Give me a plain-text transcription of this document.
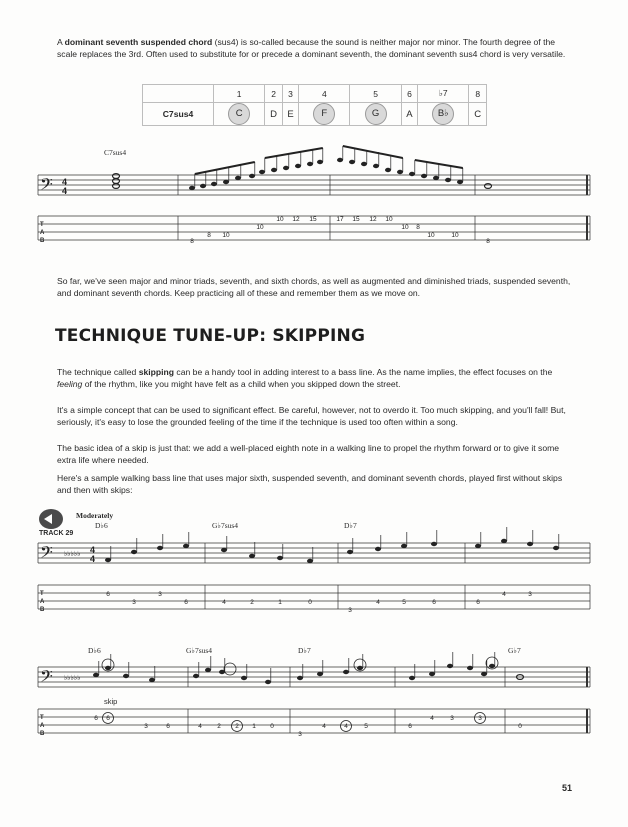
A dominant seventh suspended chord (sus4) is so-called because the sound is neither major nor minor. The fourth degree of the scale replaces the 3rd. Often used to substitute for or precede a dominant seventh, the dominant seventh sus4 chord is very versatile.

	1	2	3	4	5	6	♭7	8
C7sus4	C	D	E	F	G	A	B♭	C
C7sus4

So far, we've seen major and minor triads, seventh, and sixth chords, as well as augmented and diminished triads, suspended seventh, and dominant seventh chords. Keep practicing all of these and remember them as we move on.

TECHNIQUE TUNE-UP: SKIPPING

The technique called skipping can be a handy tool in adding interest to a bass line. As the name implies, the effect focuses on the feeling of the rhythm, like you might have felt as a child when you skipped down the street.

It's a simple concept that can be used to significant effect. Be careful, however, not to overdo it. Too much skipping, and you'll fall! But, seriously, it's easy to lose the grounded feeling of the time if the technique is used too often within a song.

The basic idea of a skip is just that: we add a well-placed eighth note in a walking line to propel the rhythm forward or to give it some extra life where needed.

Here's a sample walking bass line that uses major sixth, suspended seventh, and dominant seventh chords, played first without skips and then with skips:

TRACK 29
Moderately
D♭6	G♭7sus4	D♭7
D♭6	G♭7sus4	D♭7	G♭7
skip
𝄢 4
4
T
A
B
𝄢 ♭♭♭♭♭ 4
4
T
A
B
𝄢 ♭♭♭♭♭
T
A
B
8
8 10
10
10 12 15	17 15 12 10
10 8
10	10
8
6
3
3
6	4	2	1	0
3
4	5	6	6
4	3
6 6
3	6	4 2 2 1 0
3
4	4	5	6
4	3	3
0
51
